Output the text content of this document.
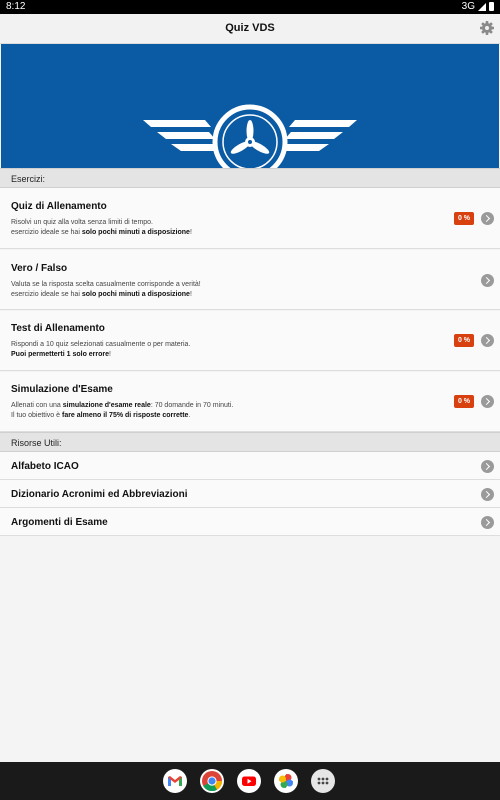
8:12	3G
Quiz VDS
Esercizi:
Quiz di Allenamento
Risolvi un quiz alla volta senza limiti di tempo.
esercizio ideale se hai solo pochi minuti a disposizione!
0 %
Vero / Falso
Valuta se la risposta scelta casualmente corrisponde a verità!
esercizio ideale se hai solo pochi minuti a disposizione!
Test di Allenamento
Rispondi a 10 quiz selezionati casualmente o per materia.
Puoi permetterti 1 solo errore!
0 %
Simulazione d'Esame
Allenati con una simulazione d'esame reale: 70 domande in 70 minuti.
Il tuo obiettivo è fare almeno il 75% di risposte corrette.
0 %
Risorse Utili:
Alfabeto ICAO
Dizionario Acronimi ed Abbreviazioni
Argomenti di Esame
